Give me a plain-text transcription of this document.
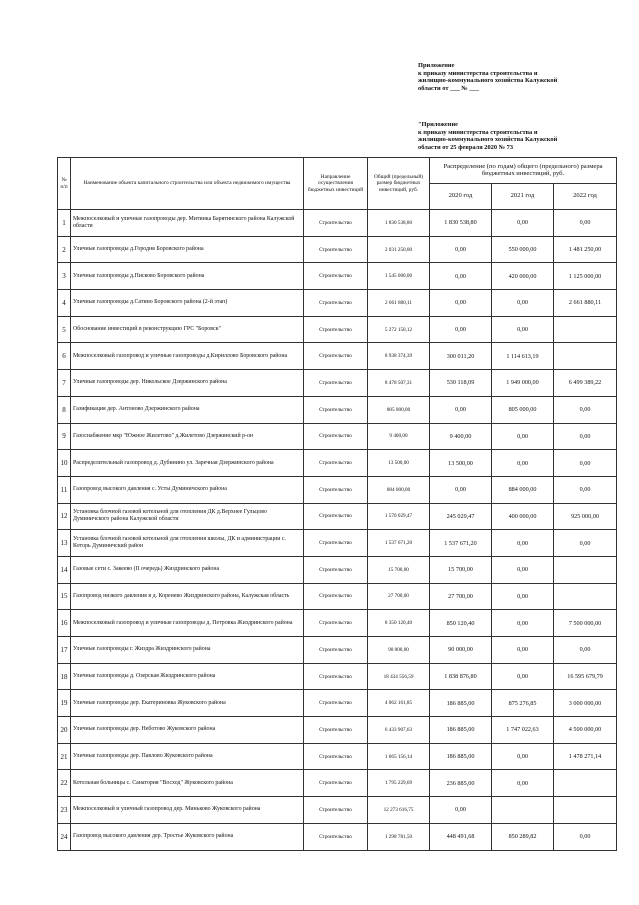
Приложение
к приказу министерства строительства и
жилищно-коммунального хозяйства Калужской
области от ___ № ___
"Приложение
к приказу министерства строительства и
жилищно-коммунального хозяйства Калужской
области от 25 февраля 2020 № 73
№ п/п	Наименование объекта капитального строительства или объекта недвижимого имущества	Направление осуществления бюджетных инвестиций	Общий (предельный) размер бюджетных инвестиций, руб.	Распределение (по годам) общего (предельного) размера бюджетных инвестиций, руб.		
				2020 год	2021 год	2022 год
1	Межпоселковый и уличные газопроводы дер. Митинка Барятинского района Калужской области	Строительство	1 830 538,80	1 830 538,80	0,00	0,00
2	Уличные газопроводы д.Городня Боровского района	Строительство	2 031 250,00	0,00	550 000,00	1 481 250,00
3	Уличные газопроводы д.Писково Боровского района	Строительство	1 545 000,00	0,00	420 000,00	1 125 000,00
4	Уличные газопроводы д.Сатино Боровского района (2-й этап)	Строительство	2 661 880,11	0,00	0,00	2 661 880,11
5	Обоснование инвестиций в реконструкцию ГРС "Боровск"	Строительство	5 272 150,12	0,00	0,00	
6	Межпоселковый газопровод и уличные газопроводы д.Кириллово Боровского района	Строительство	8 938 374,39	300 011,20	1 114 613,19	
7	Уличные газопроводы дер. Никольское Дзержинского района	Строительство	8 478 507,31	530 118,09	1 949 000,00	6 499 389,22
8	Газификация дер. Антоново Дзержинского района	Строительство	805 000,00	0,00	805 000,00	0,00
9	Газоснабжение мкр "Южное Жилетово" д.Жилетово Дзержинский р-он	Строительство	9 400,00	9 400,00	0,00	0,00
10	Распределительный газопровод д. Дубинино ул. Заречная Дзержинского района	Строительство	13 500,00	13 500,00	0,00	0,00
11	Газопровод высокого давления с. Усты Думиничского района	Строительство	884 000,00	0,00	884 000,00	0,00
12	Установка блочной газовой котельной для отопления ДК д.Верхнее Гульцово Думиничского района Калужской области	Строительство	1 570 029,47	245 029,47	400 000,00	925 000,00
13	Установка блочной газовой котельной для отопления школы, ДК и администрации с. Которь Думиничский район	Строительство	1 537 671,20	1 537 671,20	0,00	0,00
14	Газовые сети с. Закеево (II очередь) Жиздринского района	Строительство	15 700,00	15 700,00	0,00	
15	Газопровод низкого давления в д. Коренево Жиздринского района, Калужская область	Строительство	27 700,00	27 700,00	0,00	
16	Межпоселковый газопровод и уличные газопроводы д. Петровка Жиздринского района	Строительство	8 350 120,40	850 120,40	0,00	7 500 000,00
17	Уличные газопроводы г. Жиздра Жиздринского района	Строительство	90 000,00	90 000,00	0,00	0,00
18	Уличные газопроводы д. Озерская Жиздринского района	Строительство	18 434 556,59	1 838 876,80	0,00	16 595 679,79
19	Уличные газопроводы дер. Екатериновка Жуковского района	Строительство	4 062 161,85	186 885,00	875 276,85	3 000 000,00
20	Уличные газопроводы дер. Неботово Жуковского района	Строительство	6 433 907,63	186 885,00	1 747 022,63	4 500 000,00
21	Уличные газопроводы дер. Павлово Жуковского района	Строительство	1 665 156,14	186 885,00	0,00	1 478 271,14
22	Котельная больницы с. Санатория "Восход" Жуковского района	Строительство	1 795 229,69	236 885,00	0,00	
23	Межпоселковый и уличный газопровод дер. Миньково Жуковского района	Строительство	12 273 616,75	0,00		
24	Газопровод высокого давления дер. Тростье Жуковского района	Строительство	1 298 781,50	448 491,68	850 289,82	0,00
